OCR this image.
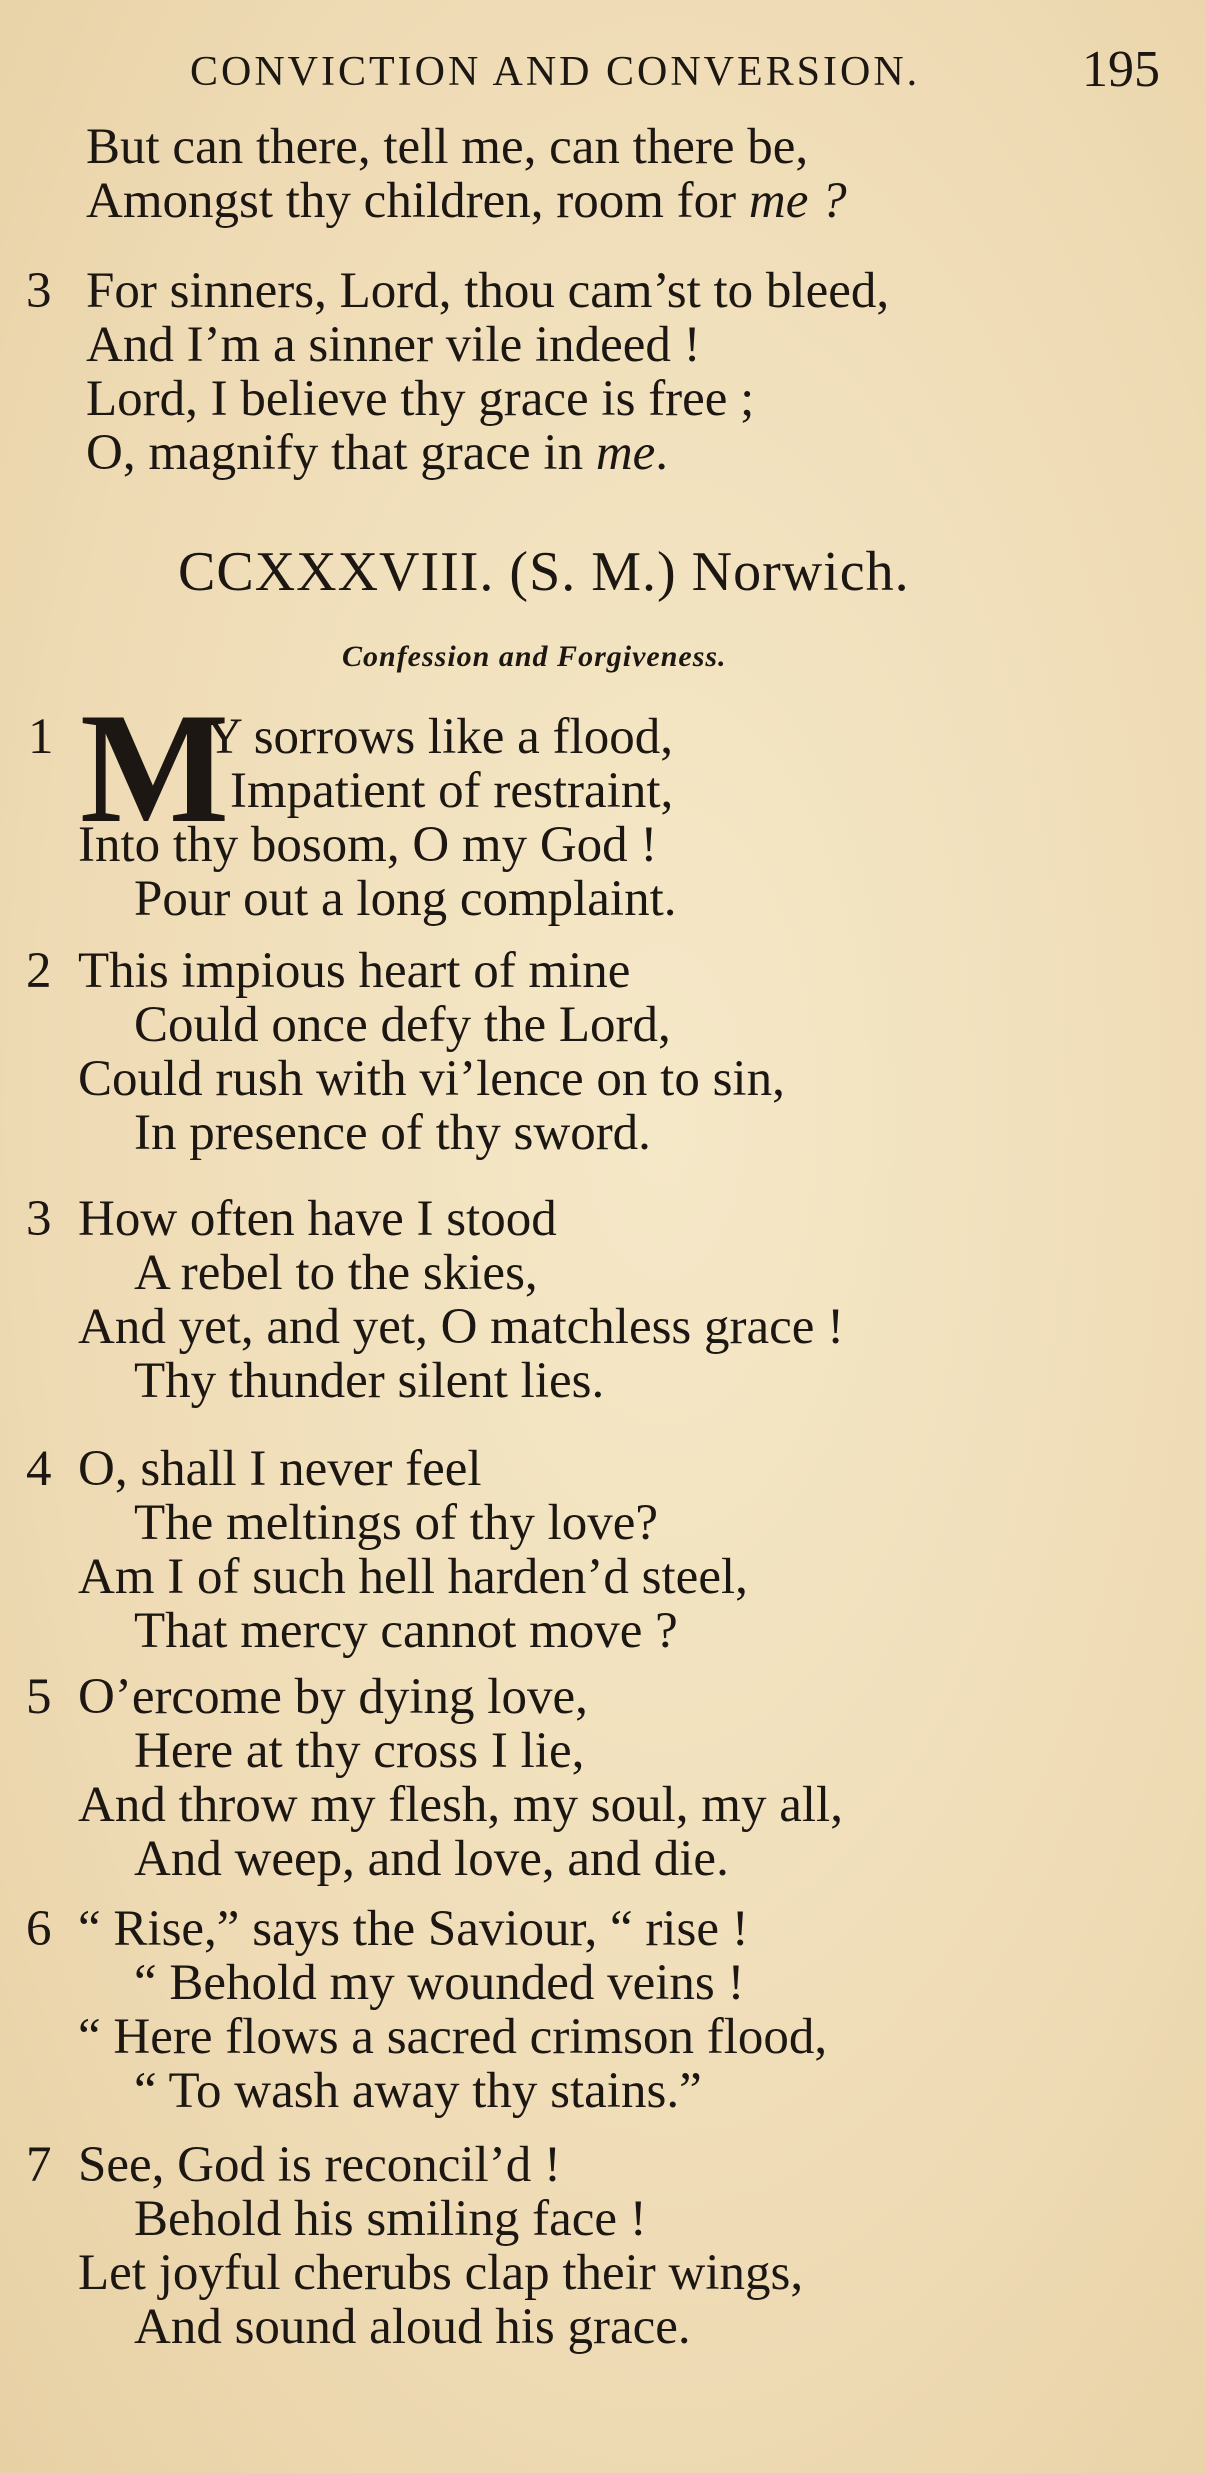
CONVICTION AND CONVERSION.	195
But can there, tell me, can there be,
Amongst thy children, room for me ?
3 For sinners, Lord, thou cam’st to bleed,
And I’m a sinner vile indeed !
Lord, I believe thy grace is free ;
O, magnify that grace in me.
CCXXXVIII. (S. M.) Norwich.
Confession and Forgiveness.
1 M
Y sorrows like a flood,
Impatient of restraint,
Into thy bosom, O my God !
Pour out a long complaint.
2 This impious heart of mine
Could once defy the Lord,
Could rush with vi’lence on to sin,
In presence of thy sword.
3 How often have I stood
A rebel to the skies,
And yet, and yet, O matchless grace !
Thy thunder silent lies.
4 O, shall I never feel
The meltings of thy love?
Am I of such hell harden’d steel,
That mercy cannot move ?
5 O’ercome by dying love,
Here at thy cross I lie,
And throw my flesh, my soul, my all,
And weep, and love, and die.
6 “ Rise,” says the Saviour, “ rise !
“ Behold my wounded veins !
“ Here flows a sacred crimson flood,
“ To wash away thy stains.”
7 See, God is reconcil’d !
Behold his smiling face !
Let joyful cherubs clap their wings,
And sound aloud his grace.
